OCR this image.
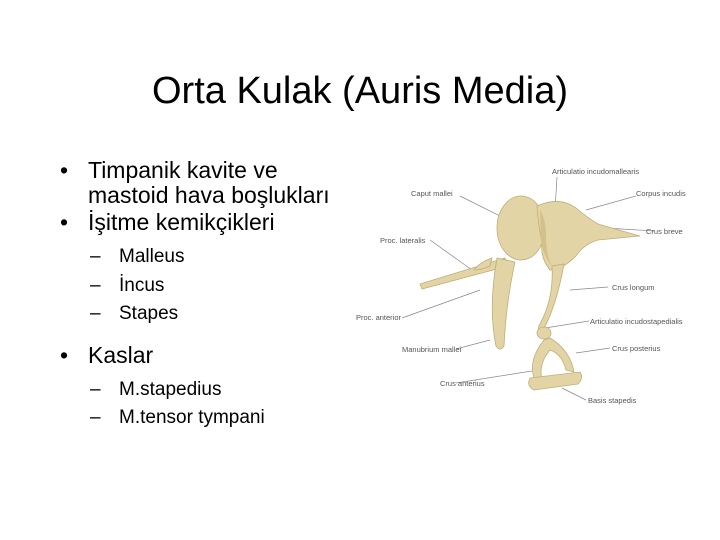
Orta Kulak (Auris Media)
• Timpanik kavite ve mastoid hava boşlukları
• İşitme kemikçikleri
– Malleus
– İncus
– Stapes
• Kaslar
– M.stapedius
– M.tensor tympani
Articulatio incudomallearis
Caput mallei	Corpus incudis
Crus breve
Proc. lateralis
Crus longum
Proc. anterior	Articulatio incudostapedialis
Manubrium mallei	Crus posterius
Crus anterius
Basis stapedis
